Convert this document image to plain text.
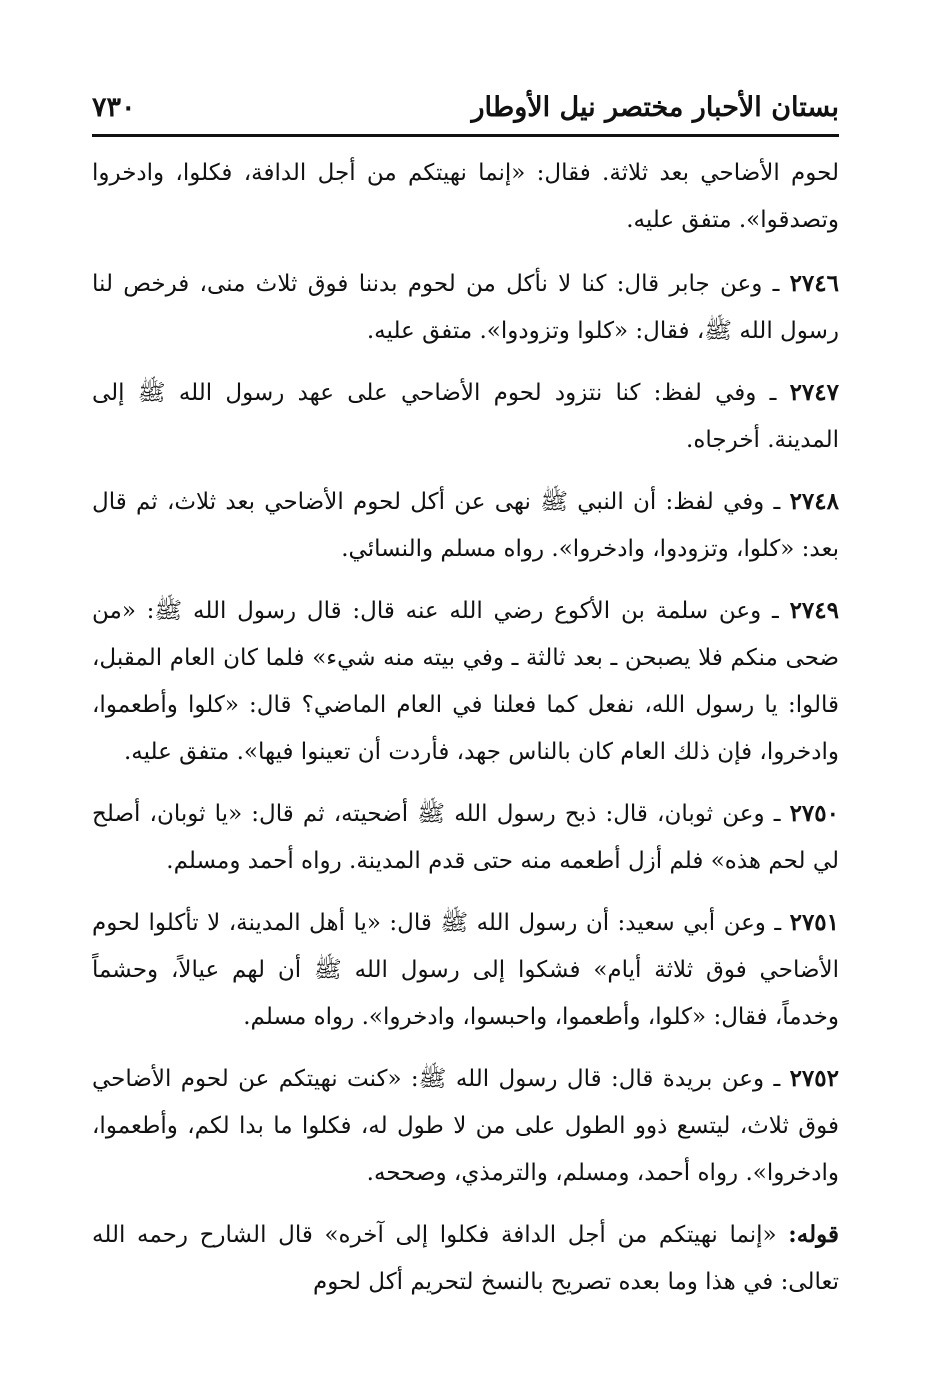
بستان الأحبار مختصر نيل الأوطار
٧٣٠

لحوم الأضاحي بعد ثلاثة. فقال: «إنما نهيتكم من أجل الدافة، فكلوا، وادخروا وتصدقوا». متفق عليه.

٢٧٤٦ ـ وعن جابر قال: كنا لا نأكل من لحوم بدننا فوق ثلاث منى، فرخص لنا رسول الله ﷺ، فقال: «كلوا وتزودوا». متفق عليه.

٢٧٤٧ ـ وفي لفظ: كنا نتزود لحوم الأضاحي على عهد رسول الله ﷺ إلى المدينة. أخرجاه.

٢٧٤٨ ـ وفي لفظ: أن النبي ﷺ نهى عن أكل لحوم الأضاحي بعد ثلاث، ثم قال بعد: «كلوا، وتزودوا، وادخروا». رواه مسلم والنسائي.

٢٧٤٩ ـ وعن سلمة بن الأكوع رضي الله عنه قال: قال رسول الله ﷺ: «من ضحى منكم فلا يصبحن ـ بعد ثالثة ـ وفي بيته منه شيء» فلما كان العام المقبل، قالوا: يا رسول الله، نفعل كما فعلنا في العام الماضي؟ قال: «كلوا وأطعموا، وادخروا، فإن ذلك العام كان بالناس جهد، فأردت أن تعينوا فيها». متفق عليه.

٢٧٥٠ ـ وعن ثوبان، قال: ذبح رسول الله ﷺ أضحيته، ثم قال: «يا ثوبان، أصلح لي لحم هذه» فلم أزل أطعمه منه حتى قدم المدينة. رواه أحمد ومسلم.

٢٧٥١ ـ وعن أبي سعيد: أن رسول الله ﷺ قال: «يا أهل المدينة، لا تأكلوا لحوم الأضاحي فوق ثلاثة أيام» فشكوا إلى رسول الله ﷺ أن لهم عيالاً، وحشماً وخدماً، فقال: «كلوا، وأطعموا، واحبسوا، وادخروا». رواه مسلم.

٢٧٥٢ ـ وعن بريدة قال: قال رسول الله ﷺ: «كنت نهيتكم عن لحوم الأضاحي فوق ثلاث، ليتسع ذوو الطول على من لا طول له، فكلوا ما بدا لكم، وأطعموا، وادخروا». رواه أحمد، ومسلم، والترمذي، وصححه.

قوله: «إنما نهيتكم من أجل الدافة فكلوا إلى آخره» قال الشارح رحمه الله تعالى: في هذا وما بعده تصريح بالنسخ لتحريم أكل لحوم
